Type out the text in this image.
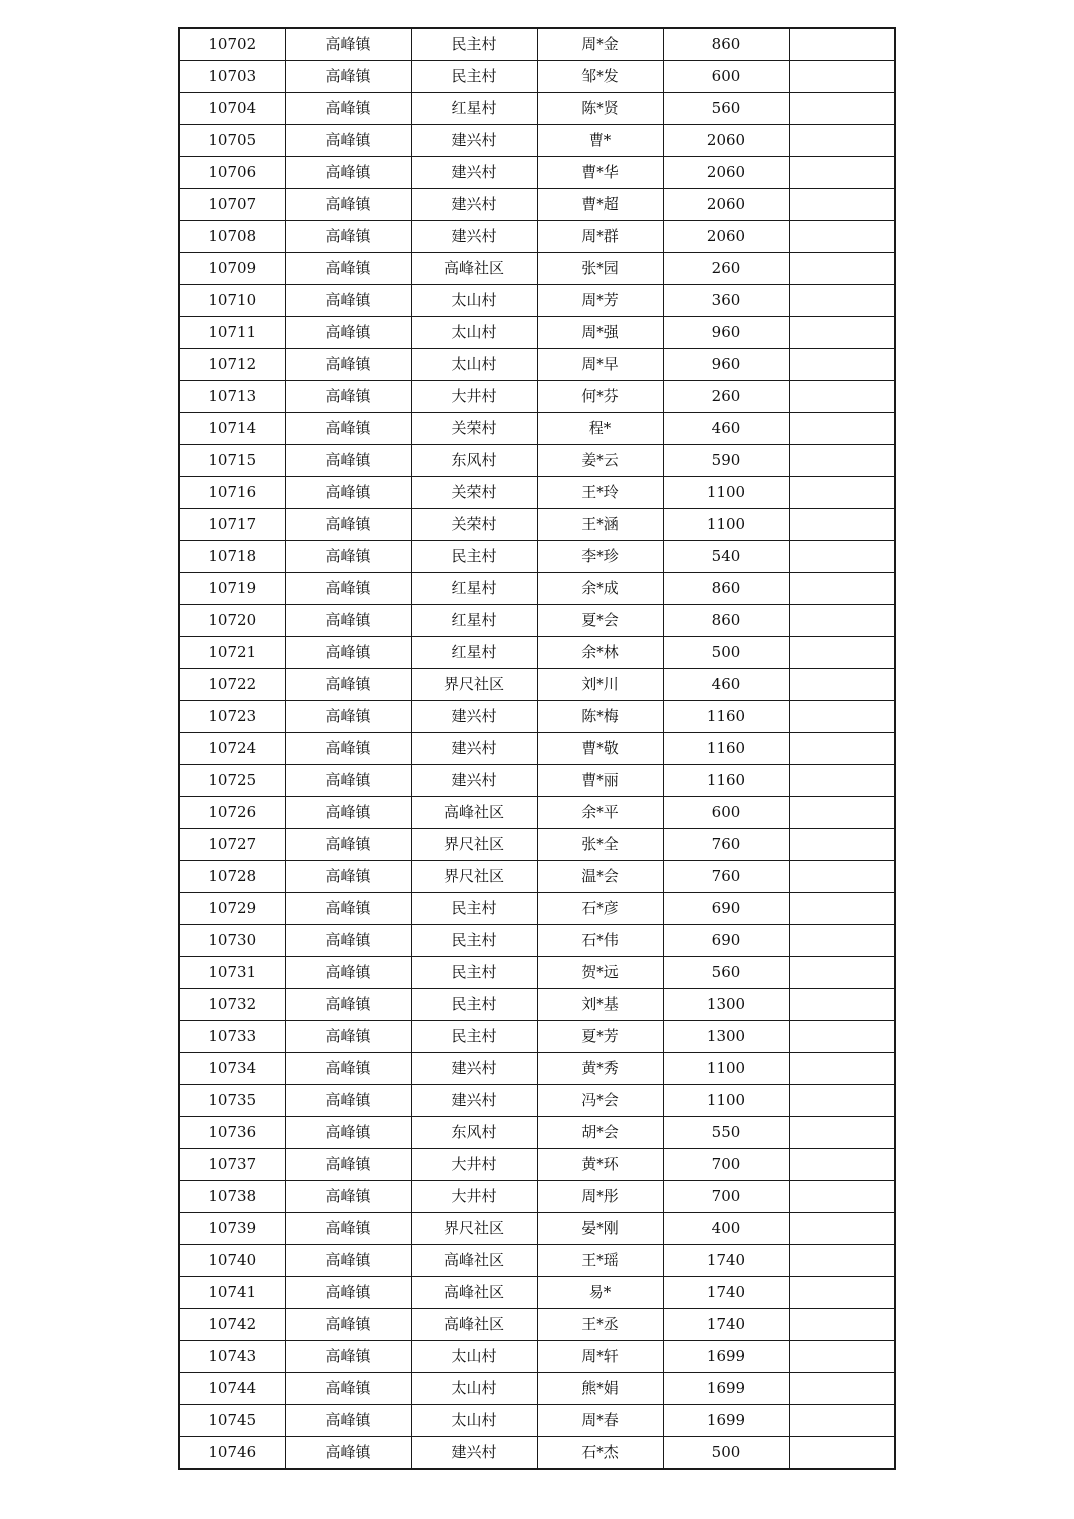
10702	高峰镇	民主村	周*金	860	
10703	高峰镇	民主村	邹*发	600	
10704	高峰镇	红星村	陈*贤	560	
10705	高峰镇	建兴村	曹*	2060	
10706	高峰镇	建兴村	曹*华	2060	
10707	高峰镇	建兴村	曹*超	2060	
10708	高峰镇	建兴村	周*群	2060	
10709	高峰镇	高峰社区	张*园	260	
10710	高峰镇	太山村	周*芳	360	
10711	高峰镇	太山村	周*强	960	
10712	高峰镇	太山村	周*早	960	
10713	高峰镇	大井村	何*芬	260	
10714	高峰镇	关荣村	程*	460	
10715	高峰镇	东风村	姜*云	590	
10716	高峰镇	关荣村	王*玲	1100	
10717	高峰镇	关荣村	王*涵	1100	
10718	高峰镇	民主村	李*珍	540	
10719	高峰镇	红星村	余*成	860	
10720	高峰镇	红星村	夏*会	860	
10721	高峰镇	红星村	余*林	500	
10722	高峰镇	界尺社区	刘*川	460	
10723	高峰镇	建兴村	陈*梅	1160	
10724	高峰镇	建兴村	曹*敬	1160	
10725	高峰镇	建兴村	曹*丽	1160	
10726	高峰镇	高峰社区	余*平	600	
10727	高峰镇	界尺社区	张*全	760	
10728	高峰镇	界尺社区	温*会	760	
10729	高峰镇	民主村	石*彦	690	
10730	高峰镇	民主村	石*伟	690	
10731	高峰镇	民主村	贺*远	560	
10732	高峰镇	民主村	刘*基	1300	
10733	高峰镇	民主村	夏*芳	1300	
10734	高峰镇	建兴村	黄*秀	1100	
10735	高峰镇	建兴村	冯*会	1100	
10736	高峰镇	东风村	胡*会	550	
10737	高峰镇	大井村	黄*环	700	
10738	高峰镇	大井村	周*彤	700	
10739	高峰镇	界尺社区	晏*刚	400	
10740	高峰镇	高峰社区	王*瑶	1740	
10741	高峰镇	高峰社区	易*	1740	
10742	高峰镇	高峰社区	王*丞	1740	
10743	高峰镇	太山村	周*轩	1699	
10744	高峰镇	太山村	熊*娟	1699	
10745	高峰镇	太山村	周*春	1699	
10746	高峰镇	建兴村	石*杰	500	
